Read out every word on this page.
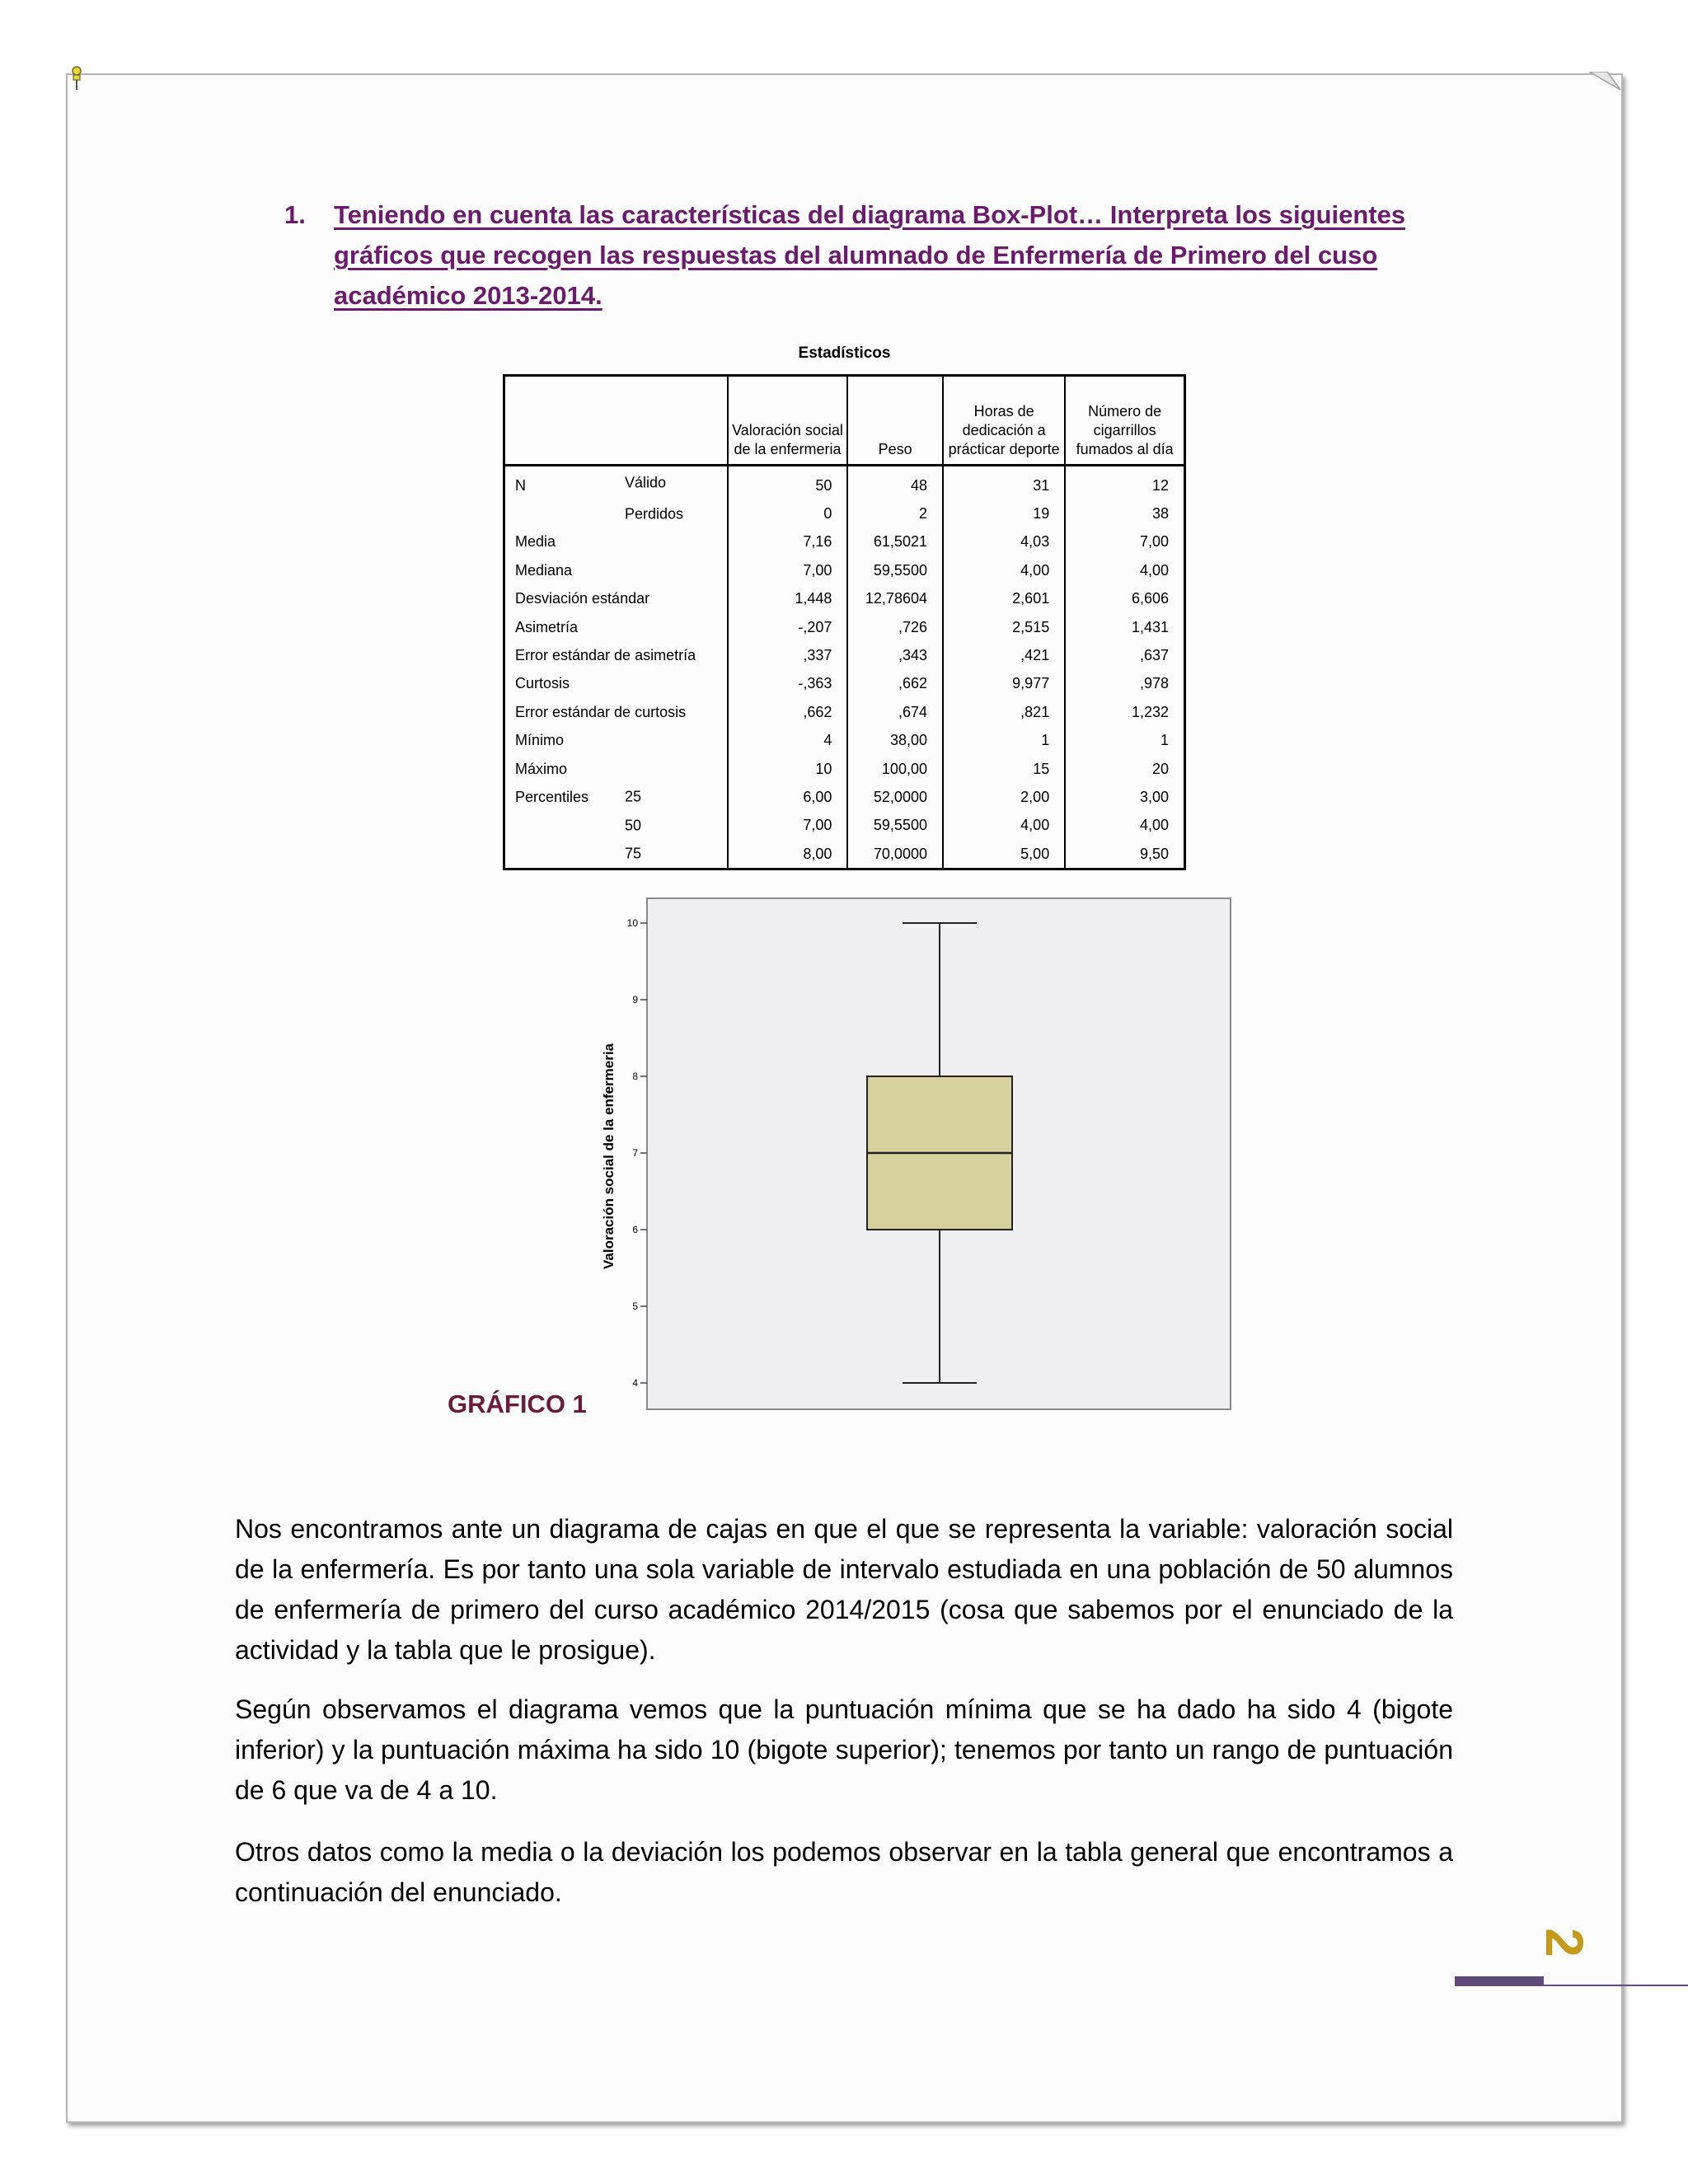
1. Teniendo en cuenta las características del diagrama Box-Plot… Interpreta los siguientes gráficos que recogen las respuestas del alumnado de Enfermería de Primero del cuso académico 2013-2014.
Estadísticos
	Valoración social de la enfermeria	Peso	Horas de dedicación a prácticar deporte	Número de cigarrillos fumados al día
N Válido	50	48	31	12

Perdidos	0	2	19	38
Media	7,16	61,5021	4,03	7,00
Mediana	7,00	59,5500	4,00	4,00
Desviación estándar	1,448	12,78604	2,601	6,606
Asimetría	-,207	,726	2,515	1,431
Error estándar de asimetría	,337	,343	,421	,637
Curtosis	-,363	,662	9,977	,978
Error estándar de curtosis	,662	,674	,821	1,232
Mínimo	4	38,00	1	1
Máximo	10	100,00	15	20
Percentiles 25	6,00	52,0000	2,00	3,00

50	7,00	59,5500	4,00	4,00

75	8,00	70,0000	5,00	9,50
4
5
6
7
8
9
10
Valoración social de la enfermeria
GRÁFICO 1

Nos encontramos ante un diagrama de cajas en que el que se representa la variable: valoración social de la enfermería. Es por tanto una sola variable de intervalo estudiada en una población de 50 alumnos de enfermería de primero del curso académico 2014/2015 (cosa que sabemos por el enunciado de la actividad y la tabla que le prosigue).

Según observamos el diagrama vemos que la puntuación mínima que se ha dado ha sido 4 (bigote inferior) y la puntuación máxima ha sido 10 (bigote superior); tenemos por tanto un rango de puntuación de 6 que va de 4 a 10.

Otros datos como la media o la deviación los podemos observar en la tabla general que encontramos a continuación del enunciado.

2
